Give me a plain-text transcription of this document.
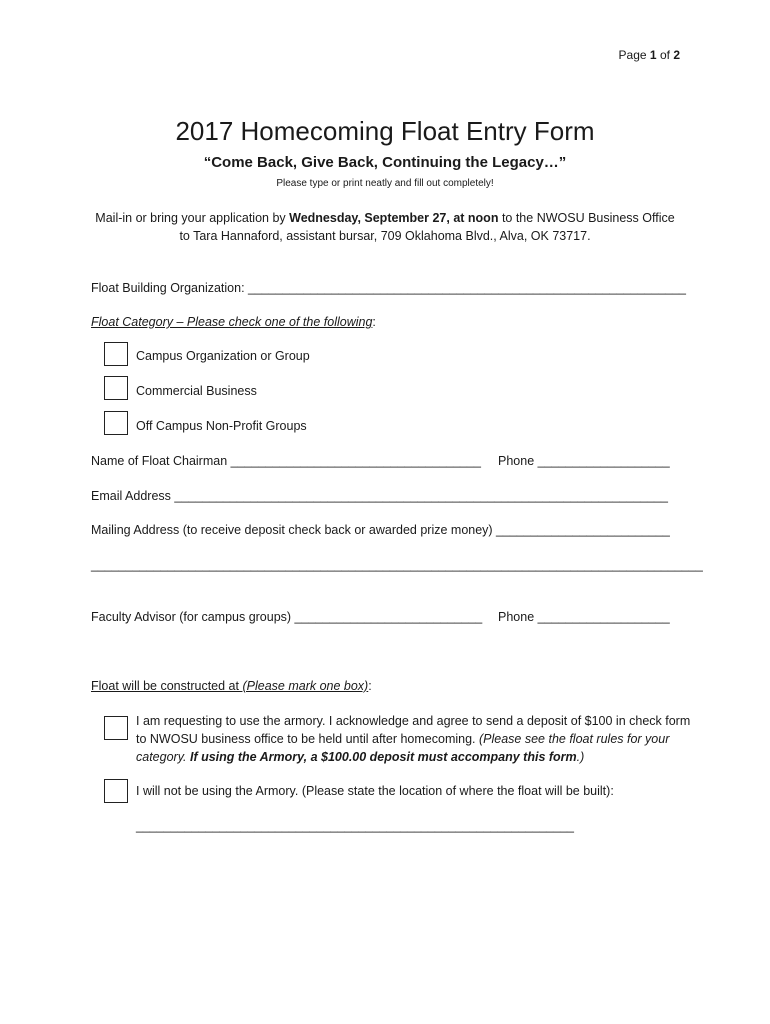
Page 1 of 2
2017 Homecoming Float Entry Form
“Come Back, Give Back, Continuing the Legacy…”
Please type or print neatly and fill out completely!
Mail-in or bring your application by Wednesday, September 27, at noon to the NWOSU Business Office
to Tara Hannaford, assistant bursar, 709 Oklahoma Blvd., Alva, OK 73717.
Float Building Organization: _______________________________________________________________
Float Category – Please check one of the following:
Campus Organization or Group
Commercial Business
Off Campus Non-Profit Groups
Name of Float Chairman ____________________________________ Phone ___________________
Email Address _______________________________________________________________________
Mailing Address (to receive deposit check back or awarded prize money) _________________________
________________________________________________________________________________________
Faculty Advisor (for campus groups) ___________________________ Phone ___________________
Float will be constructed at (Please mark one box):
I am requesting to use the armory. I acknowledge and agree to send a deposit of $100 in check form to NWOSU business office to be held until after homecoming. (Please see the float rules for your category. If using the Armory, a $100.00 deposit must accompany this form.)
I will not be using the Armory. (Please state the location of where the float will be built):
_______________________________________________________________
